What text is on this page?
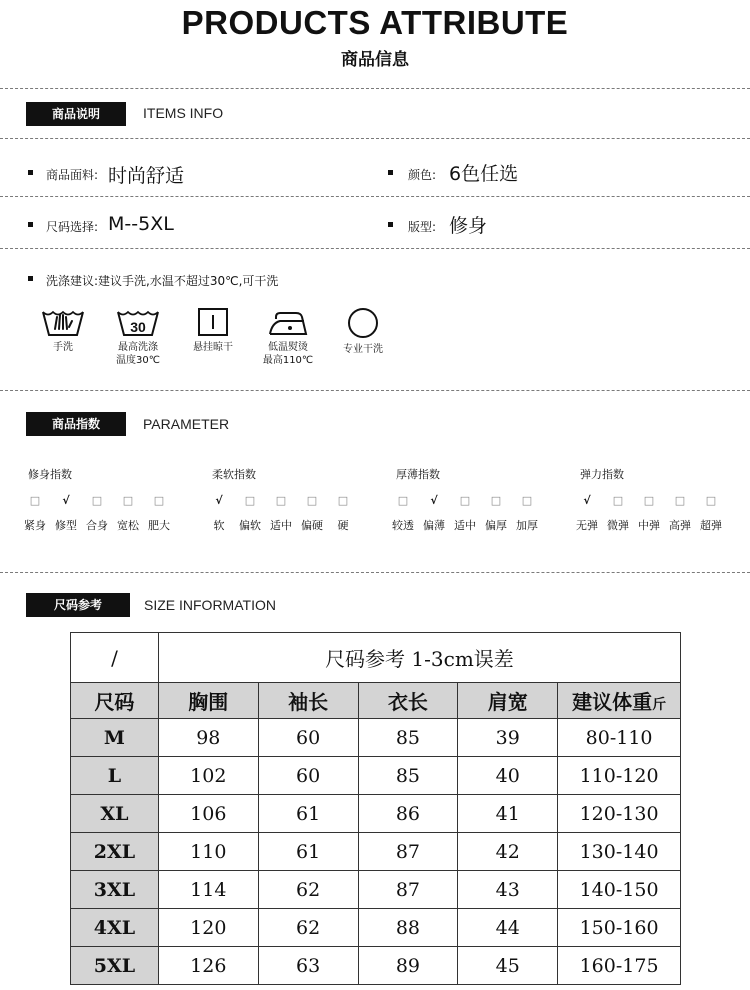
PRODUCTS ATTRIBUTE
商品信息
商品说明	ITEMS INFO
商品面料: 时尚舒适	颜色: 6色任选
尺码选择: M--5XL	版型: 修身
洗涤建议:建议手洗,水温不超过30℃,可干洗
手洗
30
最高洗涤
温度30℃
悬挂晾干	低温熨烫
最高110℃
专业干洗
商品指数	PARAMETER
修身指数
□
紧身
√
修型
□
合身
□
宽松
□
肥大
柔软指数
√
软
□
偏软
□
适中
□
偏硬
□
硬
厚薄指数
□
较透
√
偏薄
□
适中
□
偏厚
□
加厚
弹力指数
√
无弹
□
微弹
□
中弹
□
高弹
□
超弹
尺码参考	SIZE INFORMATION
/	尺码参考 1-3cm误差				
尺码	胸围	袖长	衣长	肩宽	建议体重斤
M	98	60	85	39	80-110
L	102	60	85	40	110-120
XL	106	61	86	41	120-130
2XL	110	61	87	42	130-140
3XL	114	62	87	43	140-150
4XL	120	62	88	44	150-160
5XL	126	63	89	45	160-175
